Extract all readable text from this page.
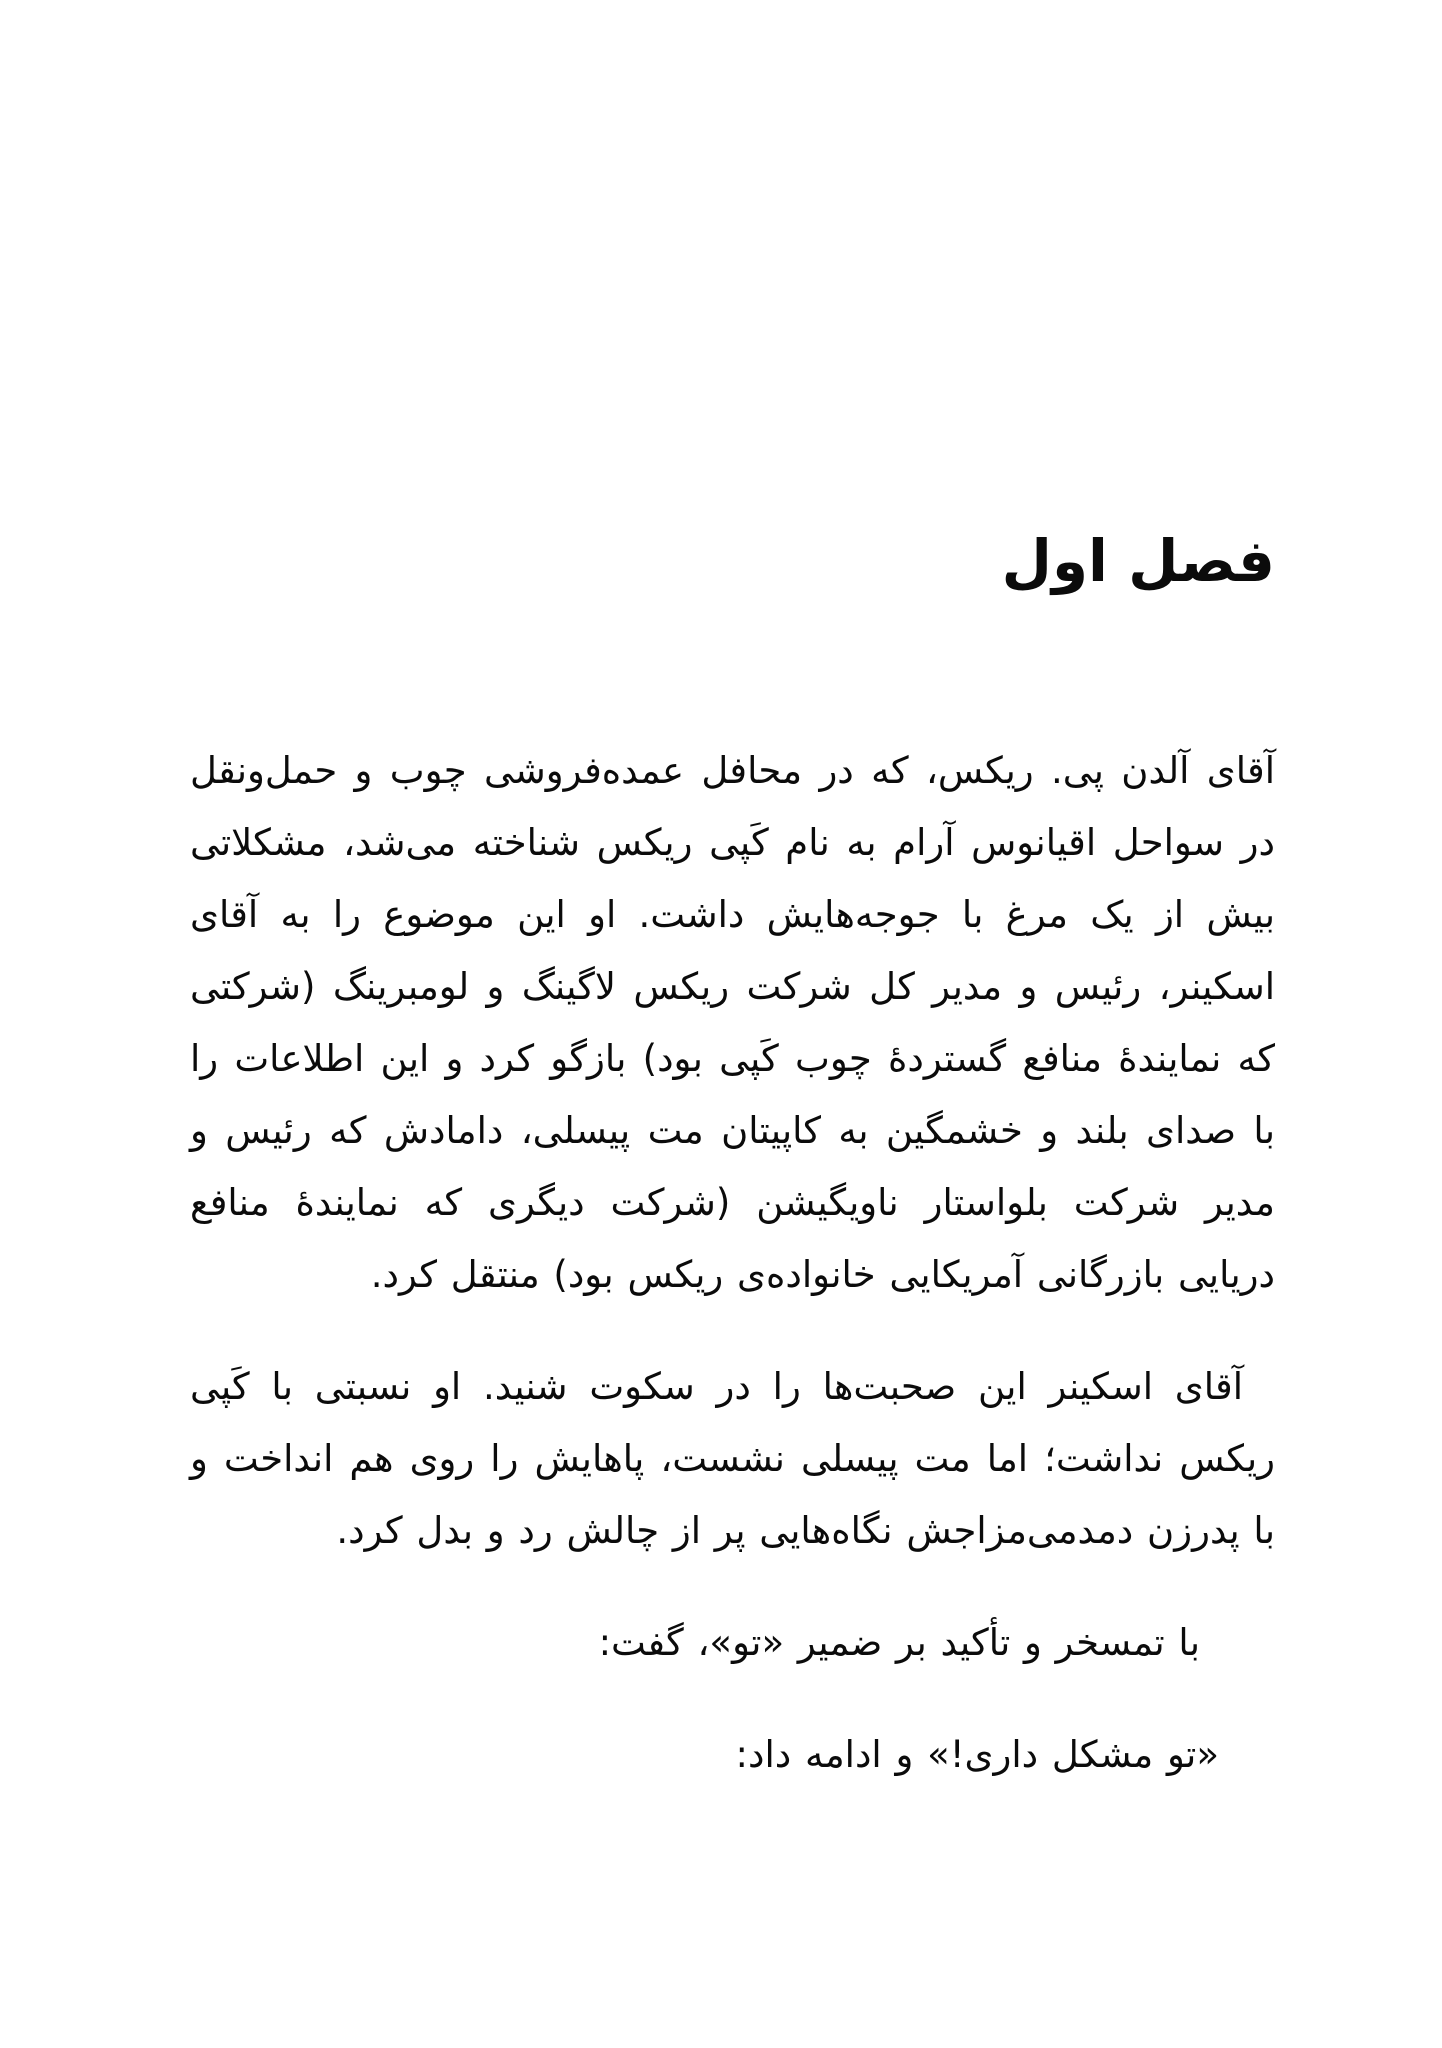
فصل اول

آقای آلدن پی. ریکس، که در محافل عمده‌فروشی چوب و حمل‌ونقل در سواحل اقیانوس آرام به نام کَپی ریکس شناخته می‌شد، مشکلاتی بیش از یک مرغ با جوجه‌هایش داشت. او این موضوع را به آقای اسکینر، رئیس و مدیر کل شرکت ریکس لاگینگ و لومبرینگ (شرکتی که نمایندهٔ منافع گستردهٔ چوب کَپی بود) بازگو کرد و این اطلاعات را با صدای بلند و خشمگین به کاپیتان مت پیسلی، دامادش که رئیس و مدیر شرکت بلواستار ناویگیشن (شرکت دیگری که نمایندهٔ منافع دریایی بازرگانی آمریکایی خانواده‌ی ریکس بود) منتقل کرد.

آقای اسکینر این صحبت‌ها را در سکوت شنید. او نسبتی با کَپی ریکس نداشت؛ اما مت پیسلی نشست، پاهایش را روی هم انداخت و با پدرزن دمدمی‌مزاجش نگاه‌هایی پر از چالش رد و بدل کرد.

با تمسخر و تأکید بر ضمیر «تو»، گفت:

«تو مشکل داری!» و ادامه داد:
